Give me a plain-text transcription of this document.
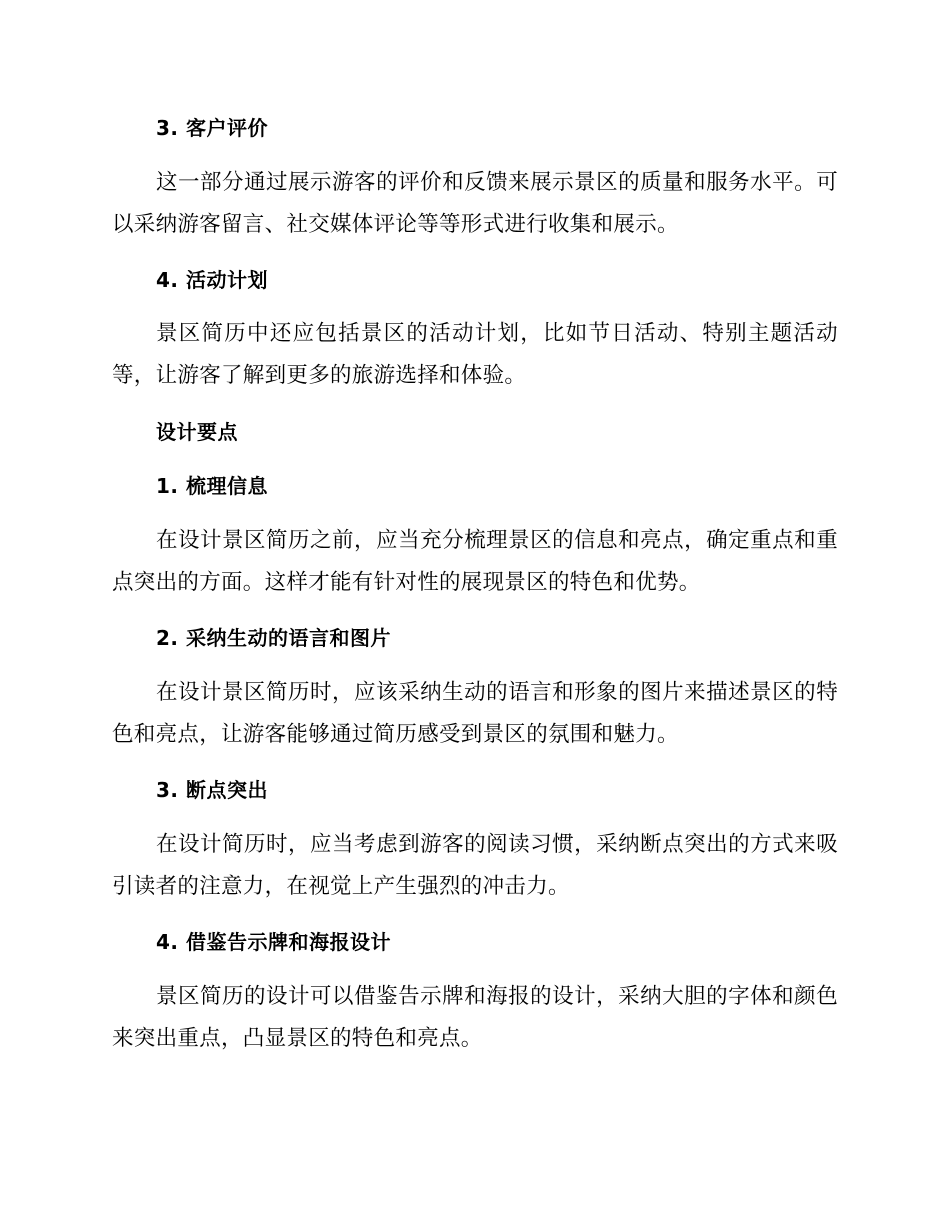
3. 客户评价
这一部分通过展示游客的评价和反馈来展示景区的质量和服务水平。可以采纳游客留言、社交媒体评论等等形式进行收集和展示。
4. 活动计划
景区简历中还应包括景区的活动计划，比如节日活动、特别主题活动等，让游客了解到更多的旅游选择和体验。
设计要点
1. 梳理信息
在设计景区简历之前，应当充分梳理景区的信息和亮点，确定重点和重点突出的方面。这样才能有针对性的展现景区的特色和优势。
2. 采纳生动的语言和图片
在设计景区简历时，应该采纳生动的语言和形象的图片来描述景区的特色和亮点，让游客能够通过简历感受到景区的氛围和魅力。
3. 断点突出
在设计简历时，应当考虑到游客的阅读习惯，采纳断点突出的方式来吸引读者的注意力，在视觉上产生强烈的冲击力。
4. 借鉴告示牌和海报设计
景区简历的设计可以借鉴告示牌和海报的设计，采纳大胆的字体和颜色来突出重点，凸显景区的特色和亮点。
